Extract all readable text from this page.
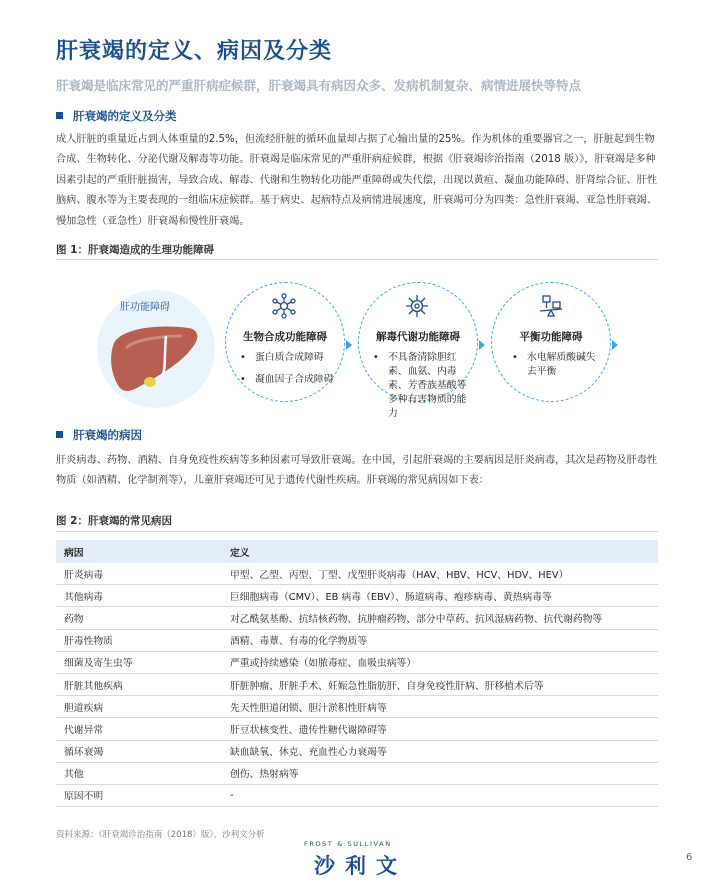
肝衰竭的定义、病因及分类
肝衰竭是临床常见的严重肝病症候群，肝衰竭具有病因众多、发病机制复杂、病情进展快等特点
肝衰竭的定义及分类
成人肝脏的重量近占到人体重量的2.5%，但流经肝脏的循环血量却占据了心输出量的25%。作为机体的重要器官之一，肝脏起到生物合成、生物转化、分泌代谢及解毒等功能。肝衰竭是临床常见的严重肝病症候群，根据《肝衰竭诊治指南（2018 版）》，肝衰竭是多种因素引起的严重肝脏损害，导致合成、解毒、代谢和生物转化功能严重障碍或失代偿，出现以黄疸、凝血功能障碍、肝肾综合征、肝性脑病、腹水等为主要表现的一组临床症候群。基于病史、起病特点及病情进展速度，肝衰竭可分为四类：急性肝衰竭、亚急性肝衰竭、慢加急性（亚急性）肝衰竭和慢性肝衰竭。
图 1：肝衰竭造成的生理功能障碍
肝功能障碍
生物合成功能障碍	解毒代谢功能障碍	平衡功能障碍
• 蛋白质合成障碍
• 凝血因子合成障碍
• 不具备清除胆红素、血氨、内毒素、芳香族基酸等多种有害物质的能力
• 水电解质酸碱失去平衡
肝衰竭的病因
肝炎病毒、药物、酒精、自身免疫性疾病等多种因素可导致肝衰竭。在中国，引起肝衰竭的主要病因是肝炎病毒，其次是药物及肝毒性物质（如酒精、化学制剂等），儿童肝衰竭还可见于遗传代谢性疾病。肝衰竭的常见病因如下表：
图 2：肝衰竭的常见病因
病因	定义
肝炎病毒	甲型、乙型、丙型、丁型、戊型肝炎病毒（HAV、HBV、HCV、HDV、HEV）
其他病毒	巨细胞病毒（CMV）、EB 病毒（EBV）、肠道病毒、疱疹病毒、黄热病毒等
药物	对乙酰氨基酚、抗结核药物、抗肿瘤药物、部分中草药、抗风湿病药物、抗代谢药物等
肝毒性物质	酒精、毒蕈、有毒的化学物质等
细菌及寄生虫等	严重或持续感染（如脓毒症、血吸虫病等）
肝脏其他疾病	肝脏肿瘤、肝脏手术、妊娠急性脂肪肝、自身免疫性肝病、肝移植术后等
胆道疾病	先天性胆道闭锁、胆汁淤积性肝病等
代谢异常	肝豆状核变性、遗传性糖代谢障碍等
循环衰竭	缺血缺氧、休克、充血性心力衰竭等
其他	创伤、热射病等
原因不明	-
资料来源：《肝衰竭诊治指南（2018）版》，沙利文分析
FROST & SULLIVAN
沙利文	6
